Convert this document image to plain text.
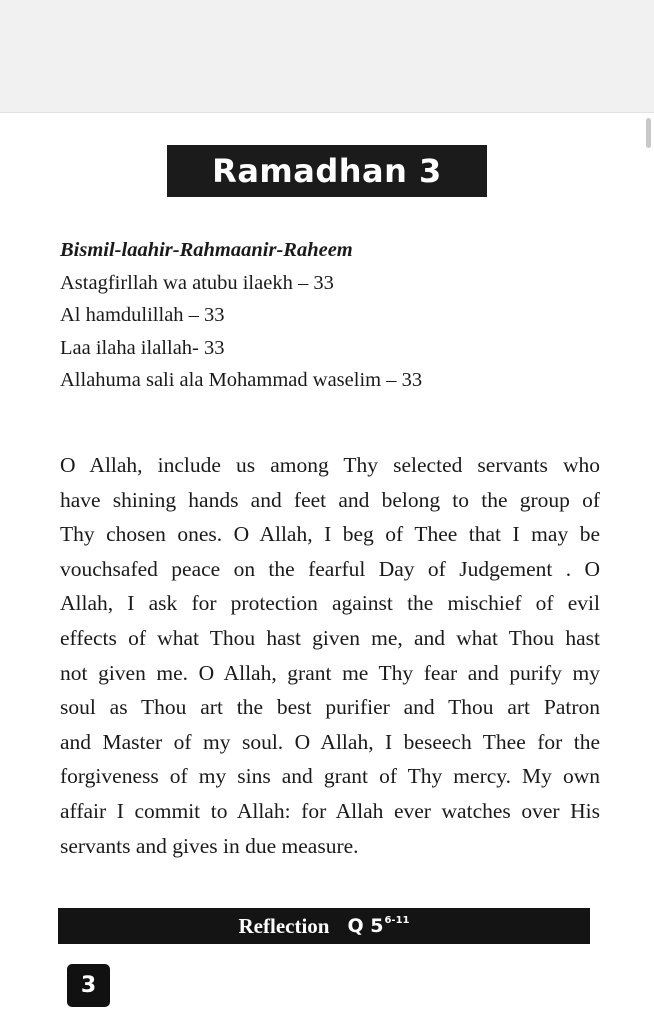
Ramadhan 3
Bismil-laahir-Rahmaanir-Raheem
Astagfirllah wa atubu ilaekh – 33
Al hamdulillah – 33
Laa ilaha ilallah- 33
Allahuma sali ala Mohammad waselim – 33
O Allah, include us among Thy selected servants who
have shining hands and feet and belong to the group of
Thy chosen ones. O Allah, I beg of Thee that I may be
vouchsafed peace on the fearful Day of Judgement . O
Allah, I ask for protection against the mischief of evil
effects of what Thou hast given me, and what Thou hast
not given me. O Allah, grant me Thy fear and purify my
soul as Thou art the best purifier and Thou art Patron
and Master of my soul. O Allah, I beseech Thee for the
forgiveness of my sins and grant of Thy mercy. My own
affair I commit to Allah: for Allah ever watches over His
servants and gives in due measure.
Reflection Q 5$^{6-11}$
3
